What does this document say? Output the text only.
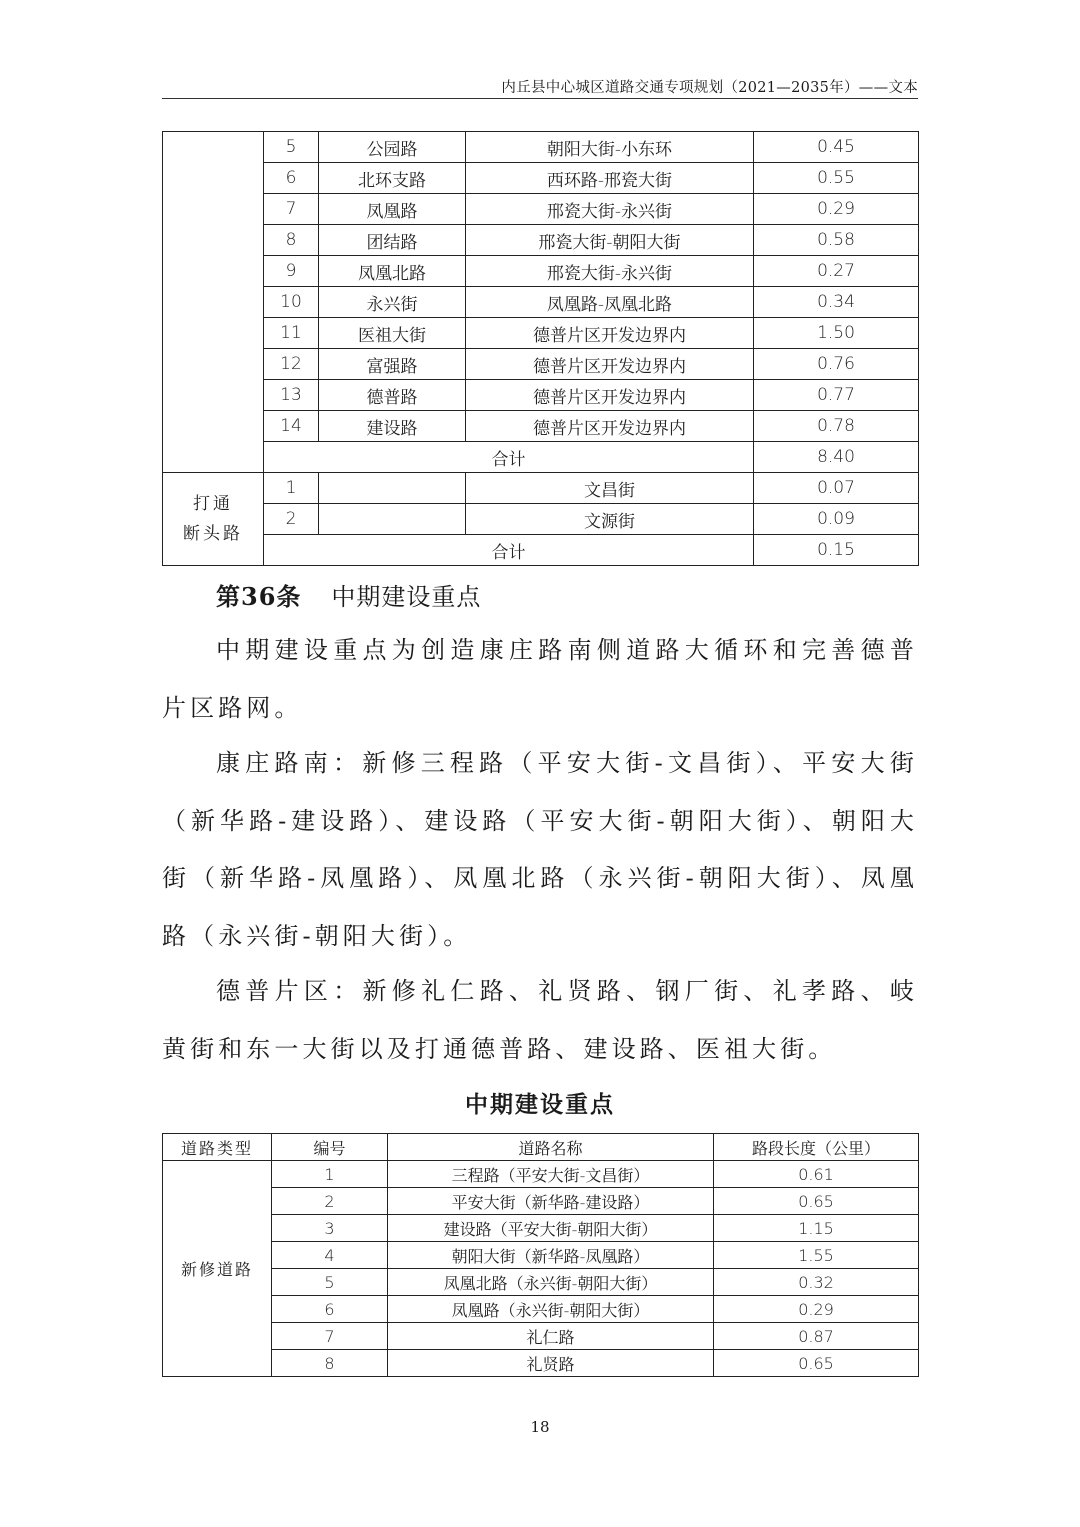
内丘县中心城区道路交通专项规划（2021—2035年）——文本
	5	公园路	朝阳大街-小东环	0.45
	6	北环支路	西环路-邢瓷大街	0.55
	7	凤凰路	邢瓷大街-永兴街	0.29
	8	团结路	邢瓷大街-朝阳大街	0.58
	9	凤凰北路	邢瓷大街-永兴街	0.27
	10	永兴街	凤凰路-凤凰北路	0.34
	11	医祖大街	德普片区开发边界内	1.50
	12	富强路	德普片区开发边界内	0.76
	13	德普路	德普片区开发边界内	0.77
	14	建设路	德普片区开发边界内	0.78
	合计			8.40
打通
断头路	1		文昌街	0.07
	2		文源街	0.09
	合计			0.15
第36条 中期建设重点

中期建设重点为创造康庄路南侧道路大循环和完善德普片区路网。

康庄路南：新修三程路（平安大街-文昌街）、平安大街（新华路-建设路）、建设路（平安大街-朝阳大街）、朝阳大街（新华路-凤凰路）、凤凰北路（永兴街-朝阳大街）、凤凰路（永兴街-朝阳大街）。

德普片区：新修礼仁路、礼贤路、钢厂街、礼孝路、岐黄街和东一大街以及打通德普路、建设路、医祖大街。

中期建设重点
道路类型	编号	道路名称	路段长度（公里）
新修道路	1	三程路（平安大街-文昌街）	0.61
	2	平安大街（新华路-建设路）	0.65
	3	建设路（平安大街-朝阳大街）	1.15
	4	朝阳大街（新华路-凤凰路）	1.55
	5	凤凰北路（永兴街-朝阳大街）	0.32
	6	凤凰路（永兴街-朝阳大街）	0.29
	7	礼仁路	0.87
	8	礼贤路	0.65
18
